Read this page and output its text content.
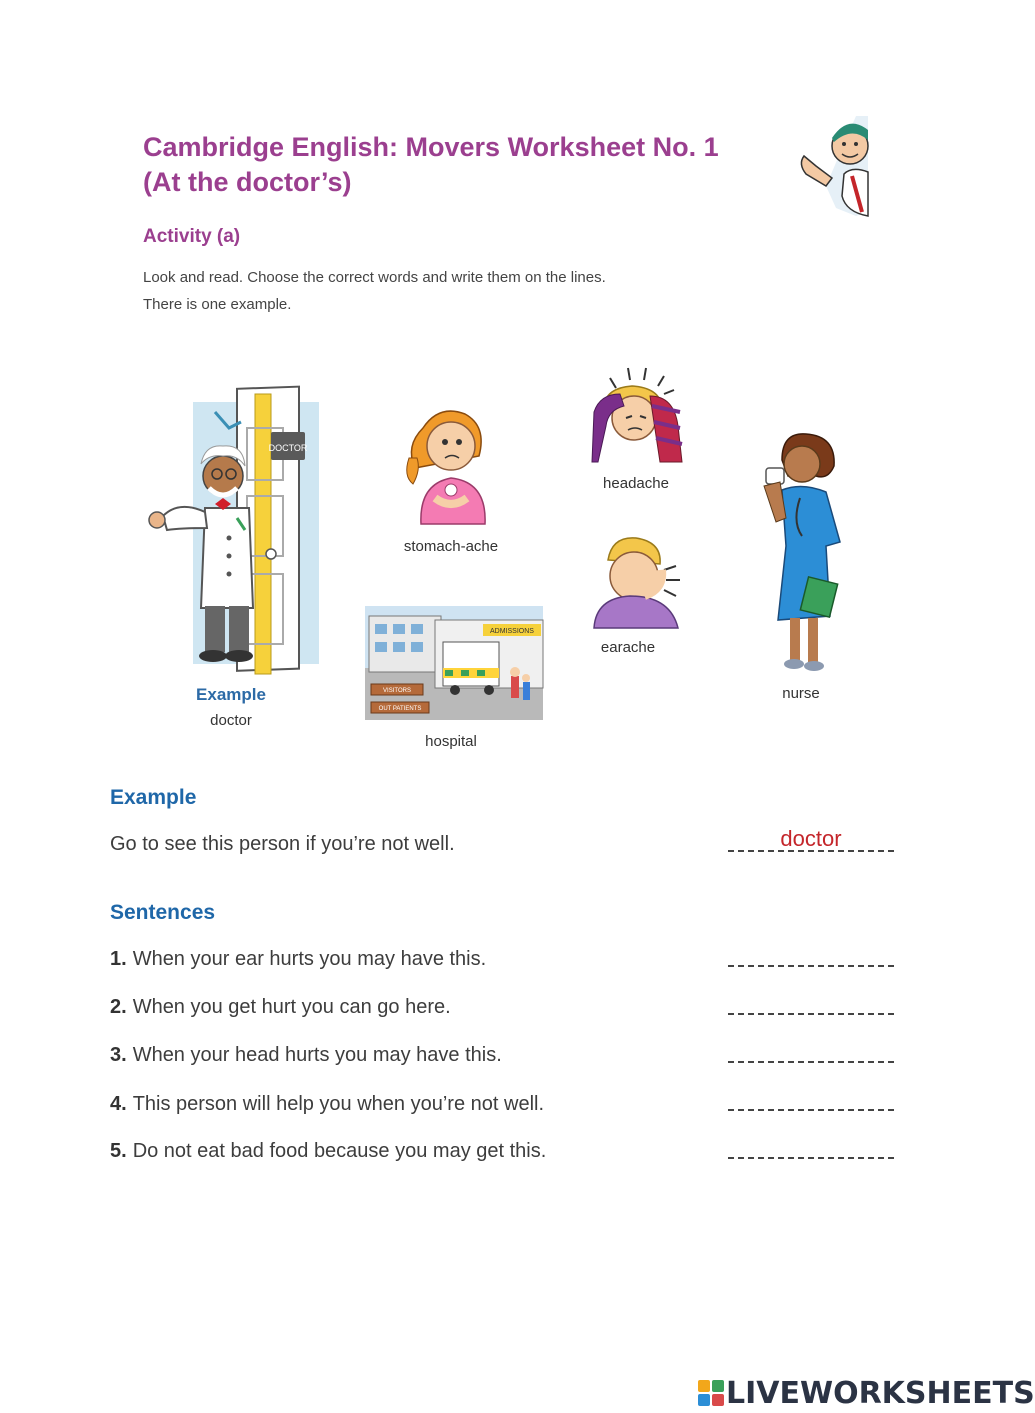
Cambridge English: Movers Worksheet No. 1
(At the doctor’s)
Activity (a)
Look and read. Choose the correct words and write them on the lines.
There is one example.
DOCTOR
Example
doctor
stomach-ache
headache
earache
ADMISSIONS
VISITORS
OUT PATIENTS
hospital
nurse
Example
Go to see this person if you’re not well.	doctor
Sentences
1. When your ear hurts you may have this.
2. When you get hurt you can go here.
3. When your head hurts you may have this.
4. This person will help you when you’re not well.
5. Do not eat bad food because you may get this.
LIVEWORKSHEETS
